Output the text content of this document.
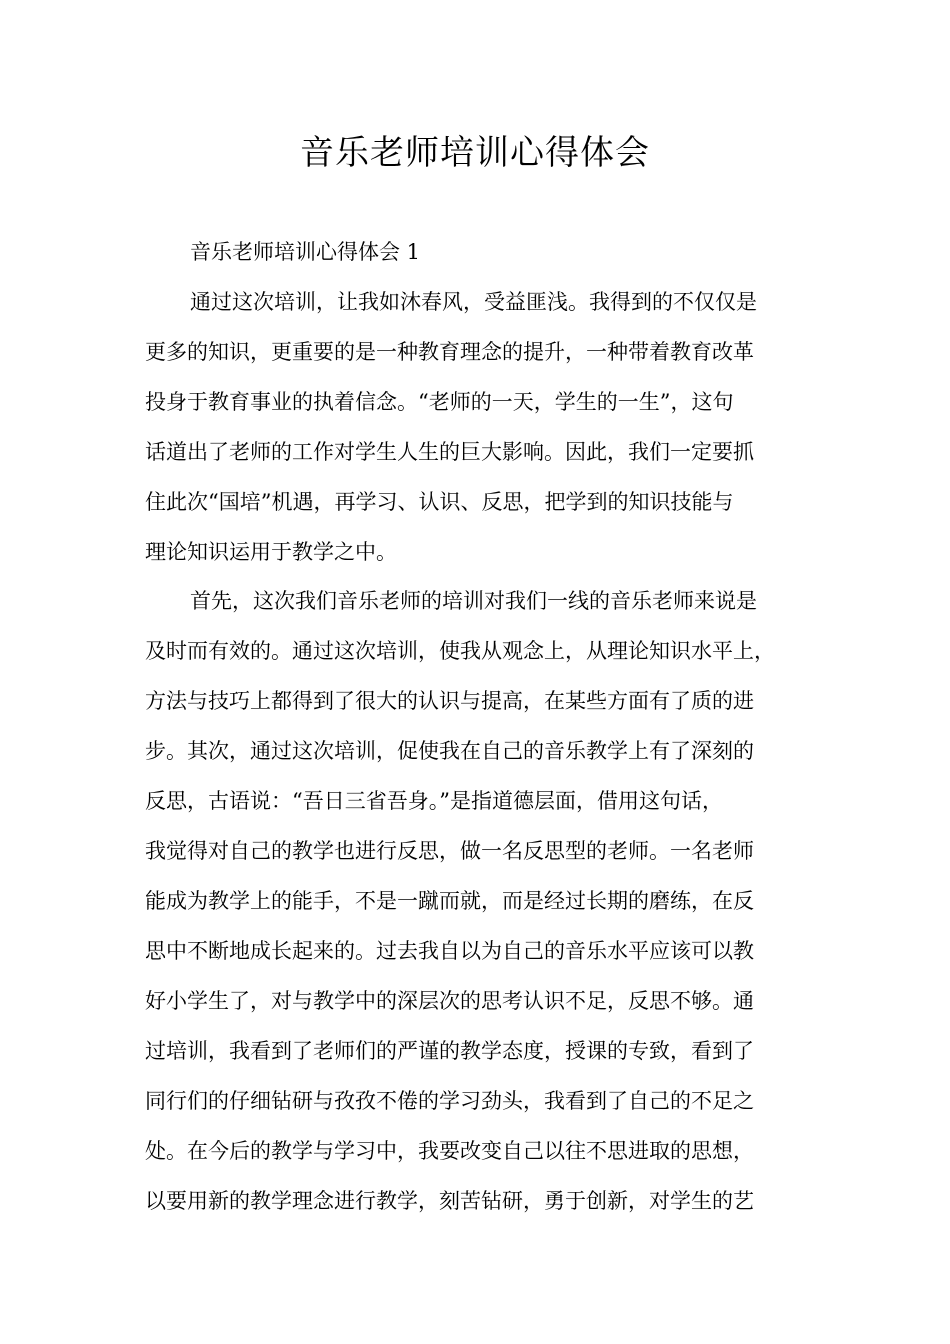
音乐老师培训心得体会

音乐老师培训心得体会 1

通过这次培训，让我如沐春风，受益匪浅。我得到的不仅仅是

更多的知识，更重要的是一种教育理念的提升，一种带着教育改革

投身于教育事业的执着信念。“老师的一天，学生的一生”，这句

话道出了老师的工作对学生人生的巨大影响。因此，我们一定要抓

住此次“国培”机遇，再学习、认识、反思，把学到的知识技能与

理论知识运用于教学之中。

首先，这次我们音乐老师的培训对我们一线的音乐老师来说是

及时而有效的。通过这次培训，使我从观念上，从理论知识水平上，

方法与技巧上都得到了很大的认识与提高，在某些方面有了质的进

步。其次，通过这次培训，促使我在自己的音乐教学上有了深刻的

反思，古语说：“吾日三省吾身。”是指道德层面，借用这句话，

我觉得对自己的教学也进行反思，做一名反思型的老师。一名老师

能成为教学上的能手，不是一蹴而就，而是经过长期的磨练，在反

思中不断地成长起来的。过去我自以为自己的音乐水平应该可以教

好小学生了，对与教学中的深层次的思考认识不足，反思不够。通

过培训，我看到了老师们的严谨的教学态度，授课的专致，看到了

同行们的仔细钻研与孜孜不倦的学习劲头，我看到了自己的不足之

处。在今后的教学与学习中，我要改变自己以往不思进取的思想，

以要用新的教学理念进行教学，刻苦钻研，勇于创新，对学生的艺
